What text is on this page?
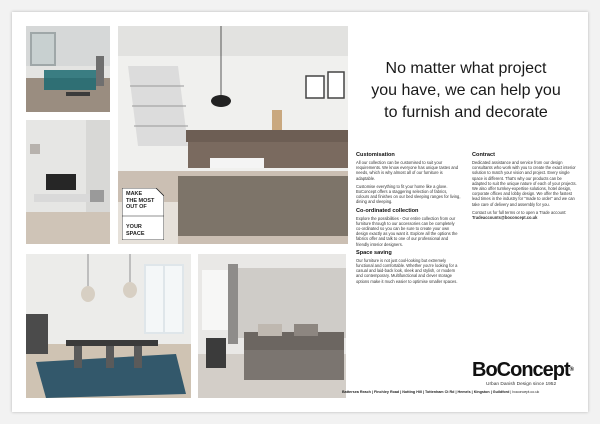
MAKE
THE MOST
OUT OF
YOUR
SPACE
No matter what project
you have, we can help you
to furnish and decorate
Customisation

All our collection can be customised to suit your requirements. We know everyone has unique tastes and needs, which is why almost all of our furniture is adaptable.

Customise everything to fit your home like a glove. BoConcept offers a staggering selection of fabrics, colours and finishes on our bed sleeping ranges for living, dining and sleeping.

Co-ordinated collection

Explore the possibilities - Our entire collection from our furniture through to our accessories can be completely co-ordinated so you can be sure to create your own design exactly as you want it. Explore all the options the fabrics offer and talk to one of our professional and friendly interior designers.

Space saving

Our furniture is not just cool-looking but extremely functional and comfortable. Whether you're looking for a casual and laid-back look, sleek and stylish, or modern and contemporary. Multifunctional and clever storage options make it much easier to optimise smaller spaces.

Contract

Dedicated assistance and service from our design consultants who work with you to create the exact interior solution to match your vision and project. Every single space is different. That's why our products can be adapted to suit the unique nature of each of your projects. We also offer turnkey-expertise solutions, hotel design, corporate offices and lobby design. We offer the fastest lead times in the industry for "made to order" and we can take care of delivery and assembly for you.

Contact us for full terms or to open a Trade account: Tradeaccounts@boconcept.co.uk

BoConcept®
Urban Danish Design since 1952
Battersea Reach | Finchley Road | Notting Hill | Tottenham Ct Rd | Hemels | Kingston | Guildford | boconcept.co.uk
